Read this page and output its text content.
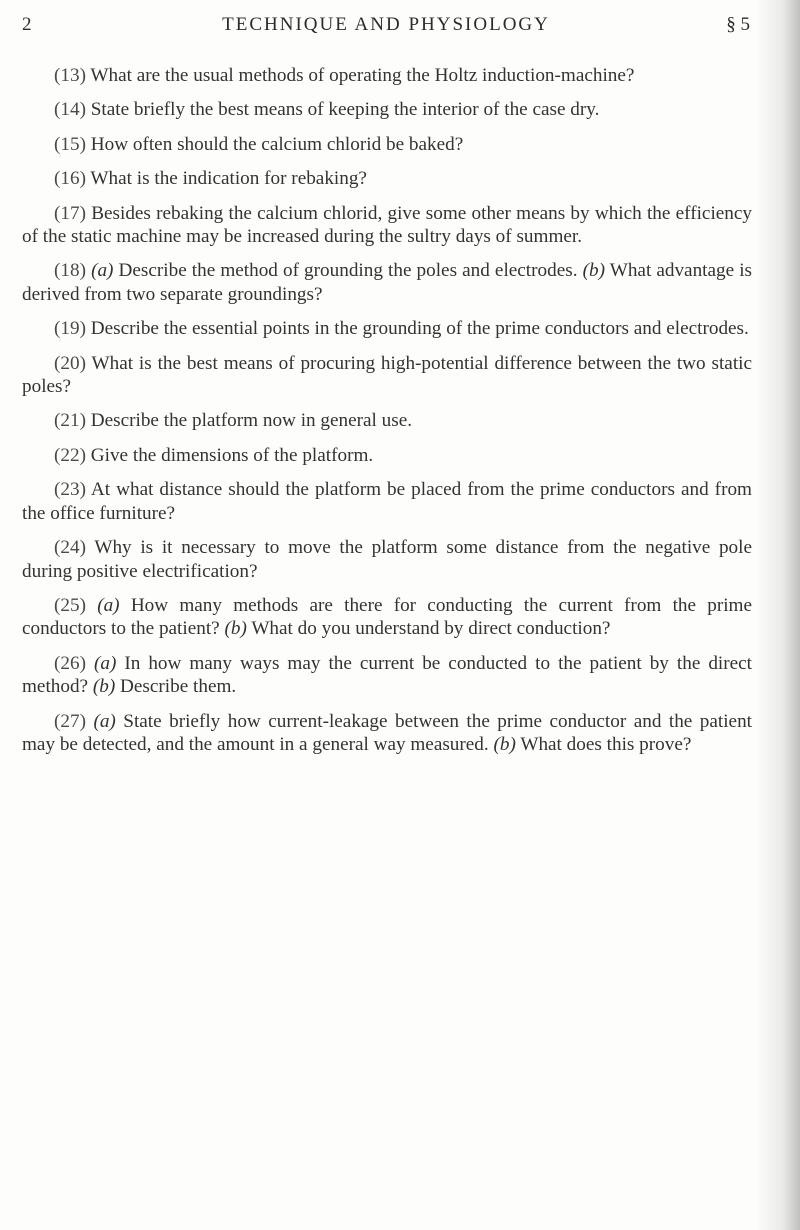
2	TECHNIQUE AND PHYSIOLOGY	§ 5

(13) What are the usual methods of operating the Holtz induction-machine?

(14) State briefly the best means of keeping the interior of the case dry.

(15) How often should the calcium chlorid be baked?

(16) What is the indication for rebaking?

(17) Besides rebaking the calcium chlorid, give some other means by which the efficiency of the static machine may be increased during the sultry days of summer.

(18) (a) Describe the method of grounding the poles and electrodes. (b) What advantage is derived from two separate groundings?

(19) Describe the essential points in the grounding of the prime conductors and electrodes.

(20) What is the best means of procuring high-potential difference between the two static poles?

(21) Describe the platform now in general use.

(22) Give the dimensions of the platform.

(23) At what distance should the platform be placed from the prime conductors and from the office furniture?

(24) Why is it necessary to move the platform some distance from the negative pole during positive electrification?

(25) (a) How many methods are there for conducting the current from the prime conductors to the patient? (b) What do you understand by direct conduction?

(26) (a) In how many ways may the current be conducted to the patient by the direct method? (b) Describe them.

(27) (a) State briefly how current-leakage between the prime conductor and the patient may be detected, and the amount in a general way measured. (b) What does this prove?
